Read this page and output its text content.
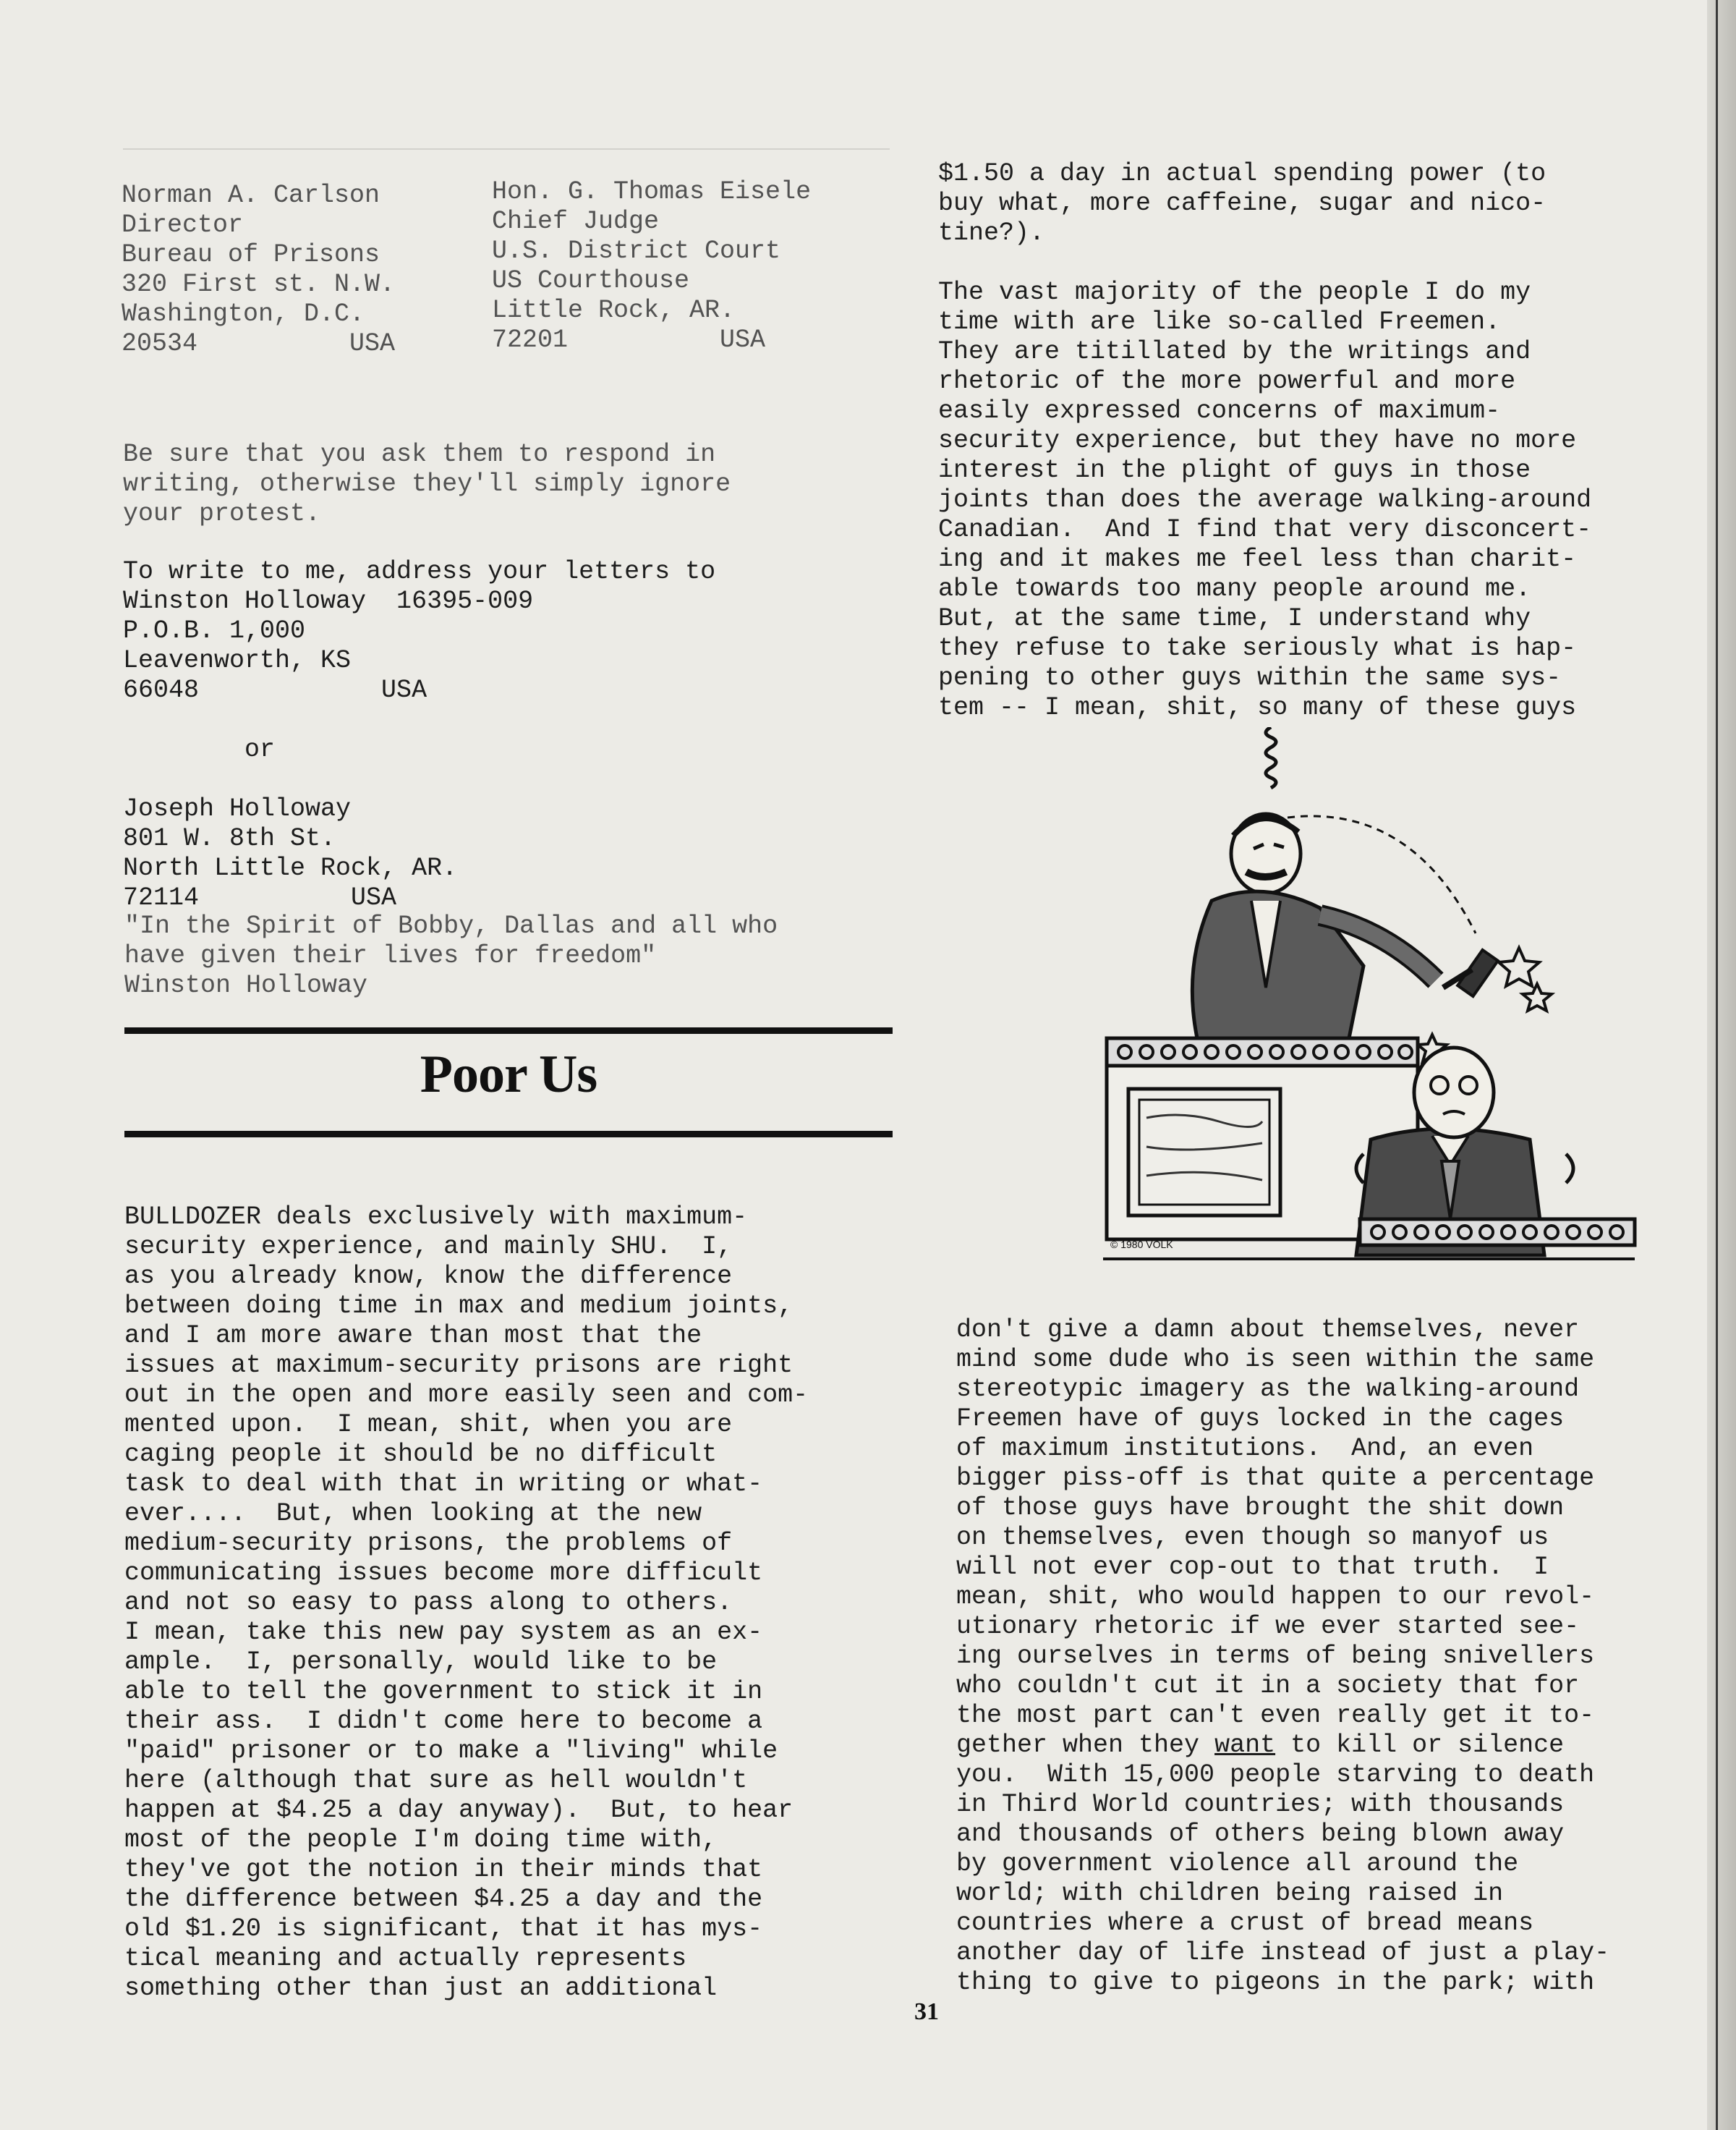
Norman A. Carlson
Director
Bureau of Prisons
320 First st. N.W.
Washington, D.C.
20534          USA
Hon. G. Thomas Eisele
Chief Judge
U.S. District Court
US Courthouse
Little Rock, AR.
72201          USA
Be sure that you ask them to respond in
writing, otherwise they'll simply ignore
your protest.
To write to me, address your letters to
Winston Holloway  16395-009
P.O.B. 1,000
Leavenworth, KS
66048            USA

or

Joseph Holloway
801 W. 8th St.
North Little Rock, AR.
72114          USA
"In the Spirit of Bobby, Dallas and all who
have given their lives for freedom"
Winston Holloway
Poor Us
BULLDOZER deals exclusively with maximum-
security experience, and mainly SHU.  I,
as you already know, know the difference
between doing time in max and medium joints,
and I am more aware than most that the
issues at maximum-security prisons are right
out in the open and more easily seen and com-
mented upon.  I mean, shit, when you are
caging people it should be no difficult
task to deal with that in writing or what-
ever....  But, when looking at the new
medium-security prisons, the problems of
communicating issues become more difficult
and not so easy to pass along to others.
I mean, take this new pay system as an ex-
ample.  I, personally, would like to be
able to tell the government to stick it in
their ass.  I didn't come here to become a
"paid" prisoner or to make a "living" while
here (although that sure as hell wouldn't
happen at $4.25 a day anyway).  But, to hear
most of the people I'm doing time with,
they've got the notion in their minds that
the difference between $4.25 a day and the
old $1.20 is significant, that it has mys-
tical meaning and actually represents
something other than just an additional
$1.50 a day in actual spending power (to
buy what, more caffeine, sugar and nico-
tine?).

The vast majority of the people I do my
time with are like so-called Freemen.
They are titillated by the writings and
rhetoric of the more powerful and more
easily expressed concerns of maximum-
security experience, but they have no more
interest in the plight of guys in those
joints than does the average walking-around
Canadian.  And I find that very disconcert-
ing and it makes me feel less than charit-
able towards too many people around me.
But, at the same time, I understand why
they refuse to take seriously what is hap-
pening to other guys within the same sys-
tem -- I mean, shit, so many of these guys
don't give a damn about themselves, never
mind some dude who is seen within the same
stereotypic imagery as the walking-around
Freemen have of guys locked in the cages
of maximum institutions.  And, an even
bigger piss-off is that quite a percentage
of those guys have brought the shit down
on themselves, even though so manyof us
will not ever cop-out to that truth.  I
mean, shit, who would happen to our revol-
utionary rhetoric if we ever started see-
ing ourselves in terms of being snivellers
who couldn't cut it in a society that for
the most part can't even really get it to-
gether when they want to kill or silence
you.  With 15,000 people starving to death
in Third World countries; with thousands
and thousands of others being blown away
by government violence all around the
world; with children being raised in
countries where a crust of bread means
another day of life instead of just a play-
thing to give to pigeons in the park; with
© 1980 VOLK
31
